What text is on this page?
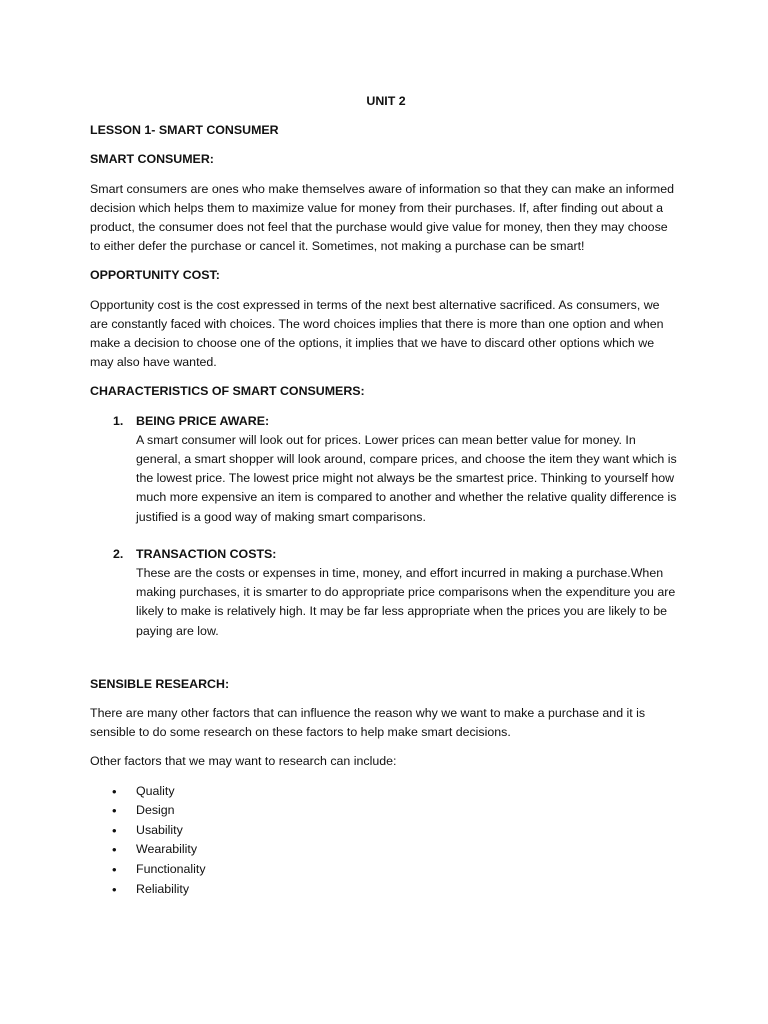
UNIT 2

LESSON 1- SMART CONSUMER

SMART CONSUMER:

Smart consumers are ones who make themselves aware of information so that they can make an informed decision which helps them to maximize value for money from their purchases. If, after finding out about a product, the consumer does not feel that the purchase would give value for money, then they may choose to either defer the purchase or cancel it. Sometimes, not making a purchase can be smart!

OPPORTUNITY COST:

Opportunity cost is the cost expressed in terms of the next best alternative sacrificed. As consumers, we are constantly faced with choices. The word choices implies that there is more than one option and when make a decision to choose one of the options, it implies that we have to discard other options which we may also have wanted.

CHARACTERISTICS OF SMART CONSUMERS:

1. BEING PRICE AWARE:
A smart consumer will look out for prices. Lower prices can mean better value for money. In general, a smart shopper will look around, compare prices, and choose the item they want which is the lowest price. The lowest price might not always be the smartest price. Thinking to yourself how much more expensive an item is compared to another and whether the relative quality difference is justified is a good way of making smart comparisons.
2. TRANSACTION COSTS:
These are the costs or expenses in time, money, and effort incurred in making a purchase.When making purchases, it is smarter to do appropriate price comparisons when the expenditure you are likely to make is relatively high. It may be far less appropriate when the prices you are likely to be paying are low.

SENSIBLE RESEARCH:

There are many other factors that can influence the reason why we want to make a purchase and it is sensible to do some research on these factors to help make smart decisions.

Other factors that we may want to research can include:

• Quality
• Design
• Usability
• Wearability
• Functionality
• Reliability
